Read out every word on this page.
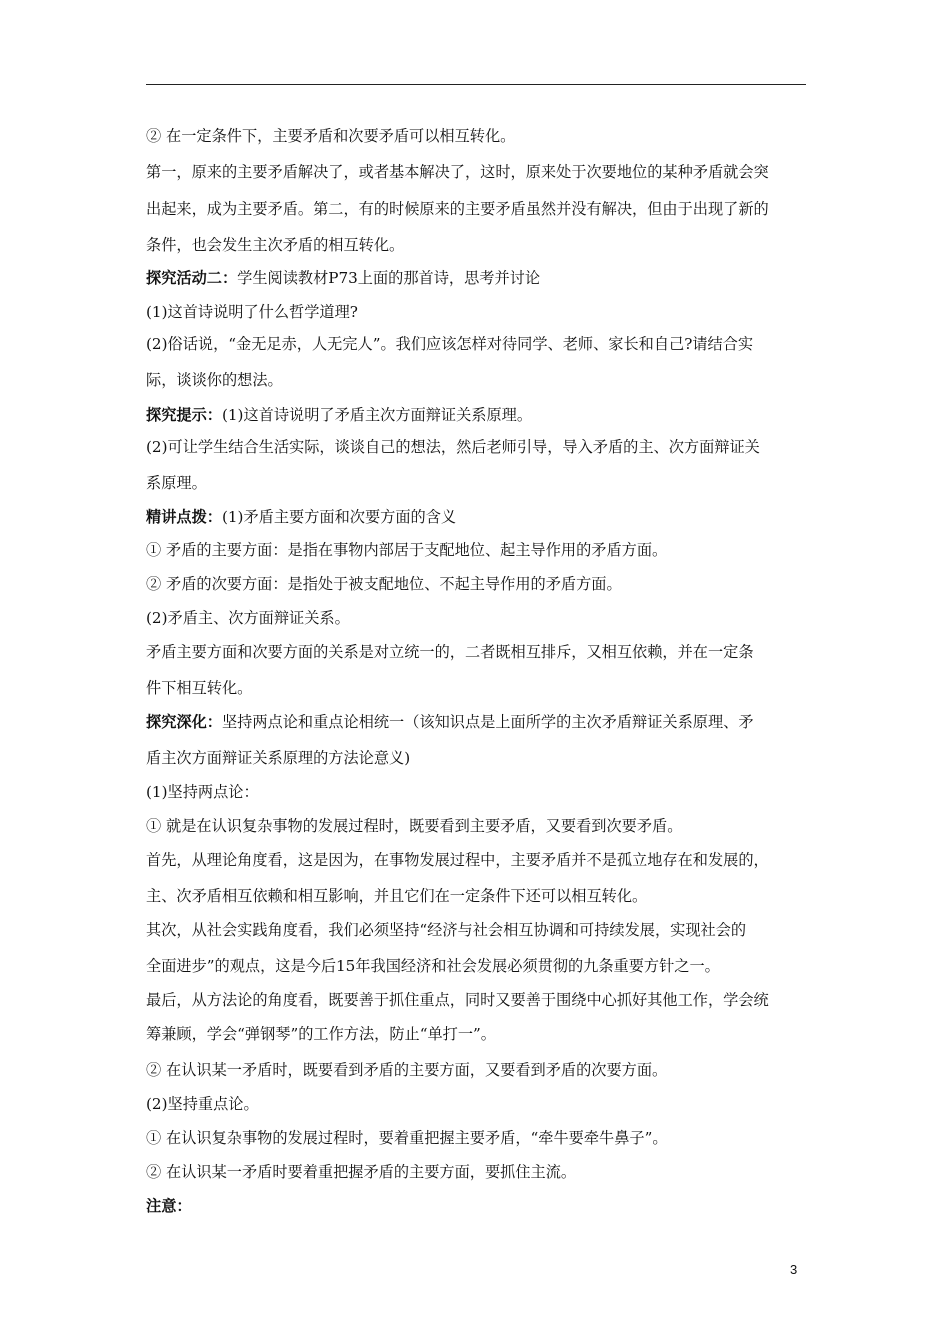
② 在一定条件下，主要矛盾和次要矛盾可以相互转化。

第一，原来的主要矛盾解决了，或者基本解决了，这时，原来处于次要地位的某种矛盾就会突

出起来，成为主要矛盾。第二，有的时候原来的主要矛盾虽然并没有解决，但由于出现了新的

条件，也会发生主次矛盾的相互转化。

探究活动二：学生阅读教材P73上面的那首诗，思考并讨论

(1)这首诗说明了什么哲学道理?

(2)俗话说，“金无足赤，人无完人”。我们应该怎样对待同学、老师、家长和自己?请结合实

际，谈谈你的想法。

探究提示：(1)这首诗说明了矛盾主次方面辩证关系原理。

(2)可让学生结合生活实际，谈谈自己的想法，然后老师引导，导入矛盾的主、次方面辩证关

系原理。

精讲点拨：(1)矛盾主要方面和次要方面的含义

① 矛盾的主要方面：是指在事物内部居于支配地位、起主导作用的矛盾方面。

② 矛盾的次要方面：是指处于被支配地位、不起主导作用的矛盾方面。

(2)矛盾主、次方面辩证关系。

矛盾主要方面和次要方面的关系是对立统一的，二者既相互排斥，又相互依赖，并在一定条

件下相互转化。

探究深化：坚持两点论和重点论相统一（该知识点是上面所学的主次矛盾辩证关系原理、矛

盾主次方面辩证关系原理的方法论意义)

(1)坚持两点论：

① 就是在认识复杂事物的发展过程时，既要看到主要矛盾，又要看到次要矛盾。

首先，从理论角度看，这是因为，在事物发展过程中，主要矛盾并不是孤立地存在和发展的，

主、次矛盾相互依赖和相互影响，并且它们在一定条件下还可以相互转化。

其次，从社会实践角度看，我们必须坚持“经济与社会相互协调和可持续发展，实现社会的

全面进步”的观点，这是今后15年我国经济和社会发展必须贯彻的九条重要方针之一。

最后，从方法论的角度看，既要善于抓住重点，同时又要善于围绕中心抓好其他工作，学会统

筹兼顾，学会“弹钢琴”的工作方法，防止“单打一”。

② 在认识某一矛盾时，既要看到矛盾的主要方面，又要看到矛盾的次要方面。

(2)坚持重点论。

① 在认识复杂事物的发展过程时，要着重把握主要矛盾，“牵牛要牵牛鼻子”。

② 在认识某一矛盾时要着重把握矛盾的主要方面，要抓住主流。

注意：

3
